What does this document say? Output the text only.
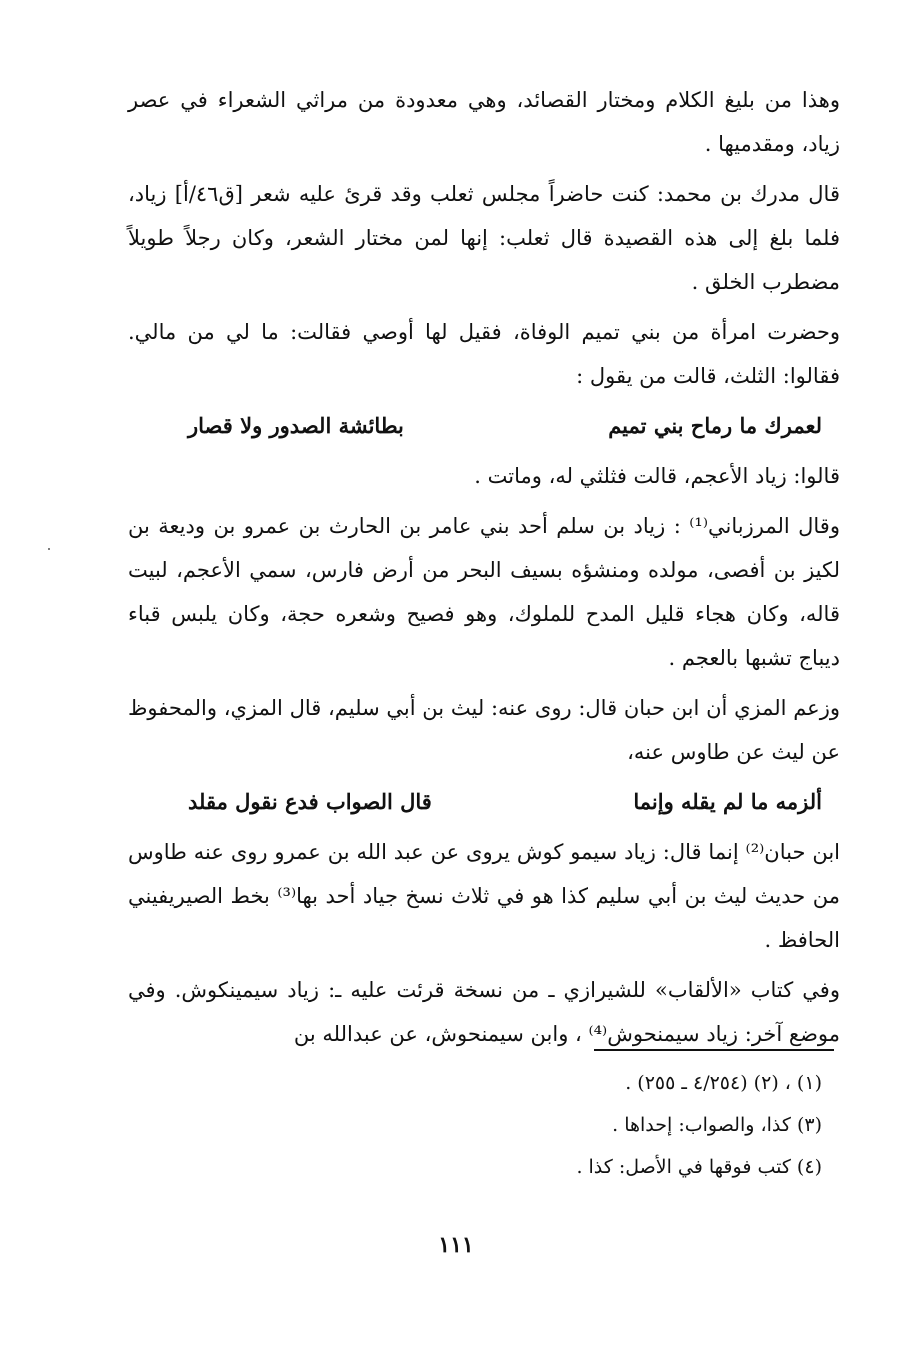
وهذا من بليغ الكلام ومختار القصائد، وهي معدودة من مراثي الشعراء في عصر زياد، ومقدميها .

قال مدرك بن محمد: كنت حاضراً مجلس ثعلب وقد قرئ عليه شعر [ق٤٦/أ] زياد، فلما بلغ إلى هذه القصيدة قال ثعلب: إنها لمن مختار الشعر، وكان رجلاً طويلاً مضطرب الخلق .

وحضرت امرأة من بني تميم الوفاة، فقيل لها أوصي فقالت: ما لي من مالي. فقالوا: الثلث، قالت من يقول :

لعمرك ما رماح بني تميم
بطائشة الصدور ولا قصار

قالوا: زياد الأعجم، قالت فثلثي له، وماتت .

وقال المرزباني⁽¹⁾ : زياد بن سلم أحد بني عامر بن الحارث بن عمرو بن وديعة بن لكيز بن أفصى، مولده ومنشؤه بسيف البحر من أرض فارس، سمي الأعجم، لبيت قاله، وكان هجاء قليل المدح للملوك، وهو فصيح وشعره حجة، وكان يلبس قباء ديباج تشبها بالعجم .

وزعم المزي أن ابن حبان قال: روى عنه: ليث بن أبي سليم، قال المزي، والمحفوظ عن ليث عن طاوس عنه،

ألزمه ما لم يقله وإنما
قال الصواب فدع نقول مقلد

ابن حبان⁽²⁾ إنما قال: زياد سيمو كوش يروى عن عبد الله بن عمرو روى عنه طاوس من حديث ليث بن أبي سليم كذا هو في ثلاث نسخ جياد أحد بها⁽³⁾ بخط الصيريفيني الحافظ .

وفي كتاب «الألقاب» للشيرازي ـ من نسخة قرئت عليه ـ: زياد سيمينكوش. وفي موضع آخر: زياد سيمنحوش⁽⁴⁾ ، وابن سيمنحوش، عن عبدالله بن

(١) ، (٢) (٤/٢٥٤ ـ ٢٥٥) .

(٣) كذا، والصواب: إحداها .

(٤) كتب فوقها في الأصل: كذا .

١١١
